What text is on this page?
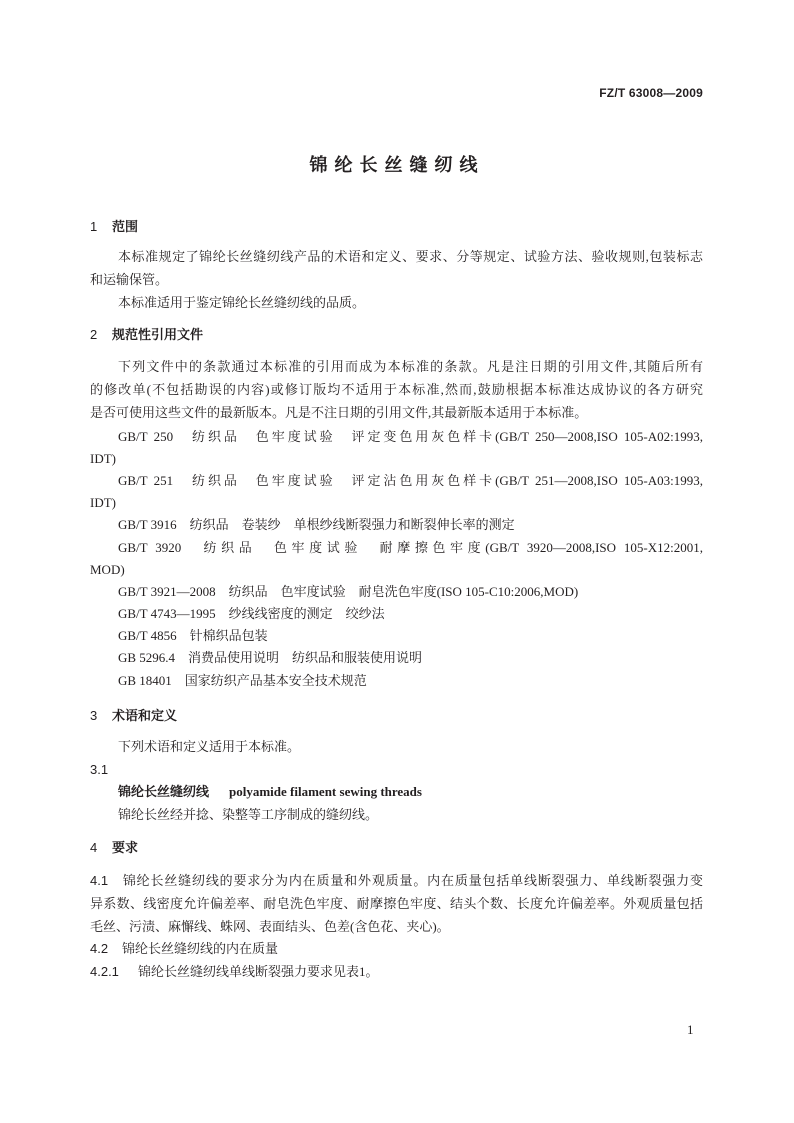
FZ/T 63008—2009
锦纶长丝缝纫线
1 范围
本标准规定了锦纶长丝缝纫线产品的术语和定义、要求、分等规定、试验方法、验收规则,包装标志
和运输保管。
本标准适用于鉴定锦纶长丝缝纫线的品质。
2 规范性引用文件
下列文件中的条款通过本标准的引用而成为本标准的条款。凡是注日期的引用文件,其随后所有
的修改单(不包括勘误的内容)或修订版均不适用于本标准,然而,鼓励根据本标准达成协议的各方研究
是否可使用这些文件的最新版本。凡是不注日期的引用文件,其最新版本适用于本标准。
GB/T 250　纺织品　色牢度试验　评定变色用灰色样卡(GB/T 250—2008,ISO 105-A02:1993,
IDT)
GB/T 251　纺织品　色牢度试验　评定沾色用灰色样卡(GB/T 251—2008,ISO 105-A03:1993,
IDT)
GB/T 3916　纺织品　卷装纱　单根纱线断裂强力和断裂伸长率的测定
GB/T 3920　纺织品　色牢度试验　耐摩擦色牢度(GB/T 3920—2008,ISO 105-X12:2001,
MOD)
GB/T 3921—2008　纺织品　色牢度试验　耐皂洗色牢度(ISO 105-C10:2006,MOD)
GB/T 4743—1995　纱线线密度的测定　绞纱法
GB/T 4856　针棉织品包装
GB 5296.4　消费品使用说明　纺织品和服装使用说明
GB 18401　国家纺织产品基本安全技术规范
3 术语和定义
下列术语和定义适用于本标准。
3.1
锦纶长丝缝纫线 polyamide filament sewing threads
锦纶长丝经并捻、染整等工序制成的缝纫线。
4 要求
4.1 锦纶长丝缝纫线的要求分为内在质量和外观质量。内在质量包括单线断裂强力、单线断裂强力变
异系数、线密度允许偏差率、耐皂洗色牢度、耐摩擦色牢度、结头个数、长度允许偏差率。外观质量包括
毛丝、污渍、麻懈线、蛛网、表面结头、色差(含色花、夹心)。
4.2 锦纶长丝缝纫线的内在质量
4.2.1 锦纶长丝缝纫线单线断裂强力要求见表1。
1
